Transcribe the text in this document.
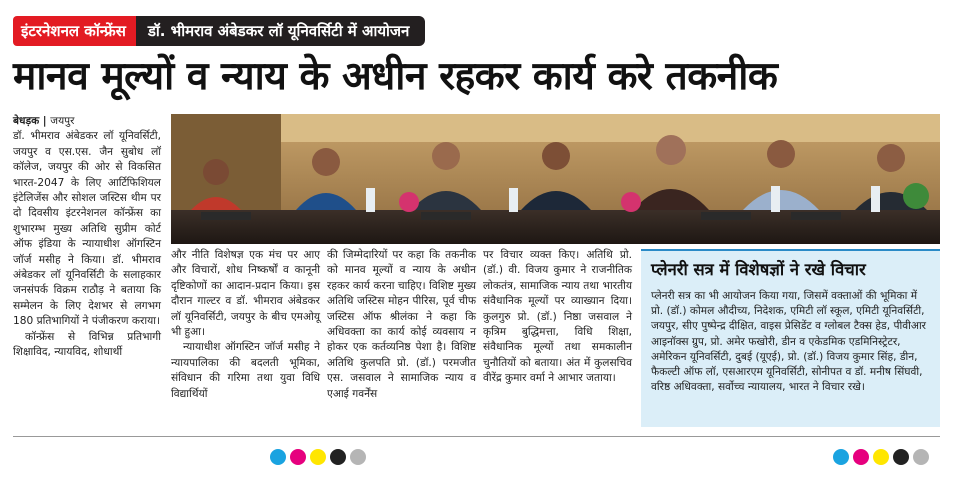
इंटरनेशनल कॉन्फ्रेंस	डॉ. भीमराव अंबेडकर लॉ यूनिवर्सिटी में आयोजन
मानव मूल्यों व न्याय के अधीन रहकर कार्य करे तकनीक
बेधड़क | जयपुर

डॉ. भीमराव अंबेडकर लॉ यूनिवर्सिटी, जयपुर व एस.एस. जैन सुबोध लॉ कॉलेज, जयपुर की ओर से विकसित भारत-2047 के लिए आर्टिफिशियल इंटेलिजेंस और सोशल जस्टिस थीम पर दो दिवसीय इंटरनेशनल कॉन्फ्रेंस का शुभारम्भ मुख्य अतिथि सुप्रीम कोर्ट ऑफ इंडिया के न्यायाधीश ऑगस्टिन जॉर्ज मसीह ने किया। डॉ. भीमराव अंबेडकर लॉ यूनिवर्सिटी के सलाहकार जनसंपर्क विक्रम राठौड़ ने बताया कि सम्मेलन के लिए देशभर से लगभग 180 प्रतिभागियों ने पंजीकरण कराया।

कॉन्फ्रेंस से विभिन्न प्रतिभागी शिक्षाविद, न्यायविद, शोधार्थी

और नीति विशेषज्ञ एक मंच पर आए और विचारों, शोध निष्कर्षों व कानूनी दृष्टिकोणों का आदान-प्रदान किया। इस दौरान गाल्टर व डॉ. भीमराव अंबेडकर लॉ यूनिवर्सिटी, जयपुर के बीच एमओयू भी हुआ।

न्यायाधीश ऑगस्टिन जॉर्ज मसीह ने न्यायपालिका की बदलती भूमिका, संविधान की गरिमा तथा युवा विधि विद्यार्थियों

की जिम्मेदारियों पर कहा कि तकनीक को मानव मूल्यों व न्याय के अधीन रहकर कार्य करना चाहिए। विशिष्ट मुख्य अतिथि जस्टिस मोहन पीरिस, पूर्व चीफ जस्टिस ऑफ श्रीलंका ने कहा कि अधिवक्ता का कार्य कोई व्यवसाय न होकर एक कर्तव्यनिष्ठ पेशा है। विशिष्ट अतिथि कुलपति प्रो. (डॉ.) परमजीत एस. जसवाल ने सामाजिक न्याय व एआई गवर्नेंस

पर विचार व्यक्त किए। अतिथि प्रो. (डॉ.) वी. विजय कुमार ने राजनीतिक लोकतंत्र, सामाजिक न्याय तथा भारतीय संवैधानिक मूल्यों पर व्याख्यान दिया। कुलगुरु प्रो. (डॉ.) निष्ठा जसवाल ने कृत्रिम बुद्धिमत्ता, विधि शिक्षा, संवैधानिक मूल्यों तथा समकालीन चुनौतियों को बताया। अंत में कुलसचिव वीरेंद्र कुमार वर्मा ने आभार जताया।

प्लेनरी सत्र में विशेषज्ञों ने रखे विचार
प्लेनरी सत्र का भी आयोजन किया गया, जिसमें वक्ताओं की भूमिका में प्रो. (डॉ.) कोमल औदीच्य, निदेशक, एमिटी लॉ स्कूल, एमिटी यूनिवर्सिटी, जयपुर, सीए पुष्पेन्द्र दीक्षित, वाइस प्रेसिडेंट व ग्लोबल टैक्स हेड, पीवीआर आइनॉक्स ग्रुप, प्रो. अमेर फखोरी, डीन व एकेडमिक एडमिनिस्ट्रेटर, अमेरिकन यूनिवर्सिटी, दुबई (यूएई), प्रो. (डॉ.) विजय कुमार सिंह, डीन, फैकल्टी ऑफ लॉ, एसआरएम यूनिवर्सिटी, सोनीपत व डॉ. मनीष सिंघवी, वरिष्ठ अधिवक्ता, सर्वोच्च न्यायालय, भारत ने विचार रखे।
